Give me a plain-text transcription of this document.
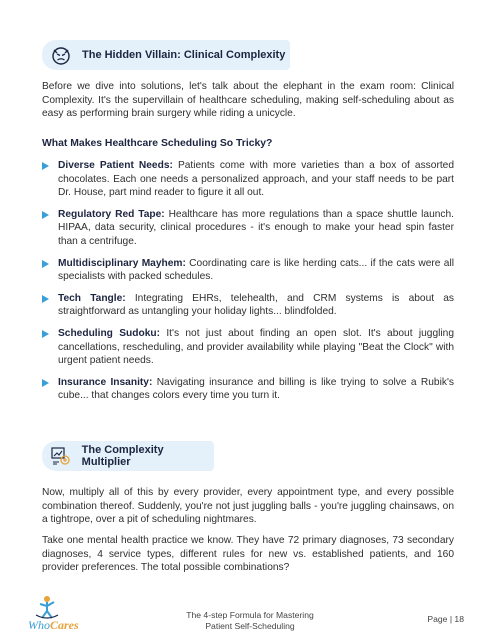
The Hidden Villain: Clinical Complexity

Before we dive into solutions, let's talk about the elephant in the exam room: Clinical Complexity. It's the supervillain of healthcare scheduling, making self-scheduling about as easy as performing brain surgery while riding a unicycle.

What Makes Healthcare Scheduling So Tricky?
Diverse Patient Needs: Patients come with more varieties than a box of assorted chocolates. Each one needs a personalized approach, and your staff needs to be part Dr. House, part mind reader to figure it all out.
Regulatory Red Tape: Healthcare has more regulations than a space shuttle launch. HIPAA, data security, clinical procedures - it's enough to make your head spin faster than a centrifuge.
Multidisciplinary Mayhem: Coordinating care is like herding cats... if the cats were all specialists with packed schedules.
Tech Tangle: Integrating EHRs, telehealth, and CRM systems is about as straightforward as untangling your holiday lights... blindfolded.
Scheduling Sudoku: It's not just about finding an open slot. It's about juggling cancellations, rescheduling, and provider availability while playing "Beat the Clock" with urgent patient needs.
Insurance Insanity: Navigating insurance and billing is like trying to solve a Rubik's cube... that changes colors every time you turn it.
The Complexity Multiplier

Now, multiply all of this by every provider, every appointment type, and every possible combination thereof. Suddenly, you're not just juggling balls - you're juggling chainsaws, on a tightrope, over a pit of scheduling nightmares.

Take one mental health practice we know. They have 72 primary diagnoses, 73 secondary diagnoses, 4 service types, different rules for new vs. established patients, and 160 provider preferences. The total possible combinations?

WhoCares
The 4-step Formula for Mastering
Patient Self-Scheduling
Page | 18
